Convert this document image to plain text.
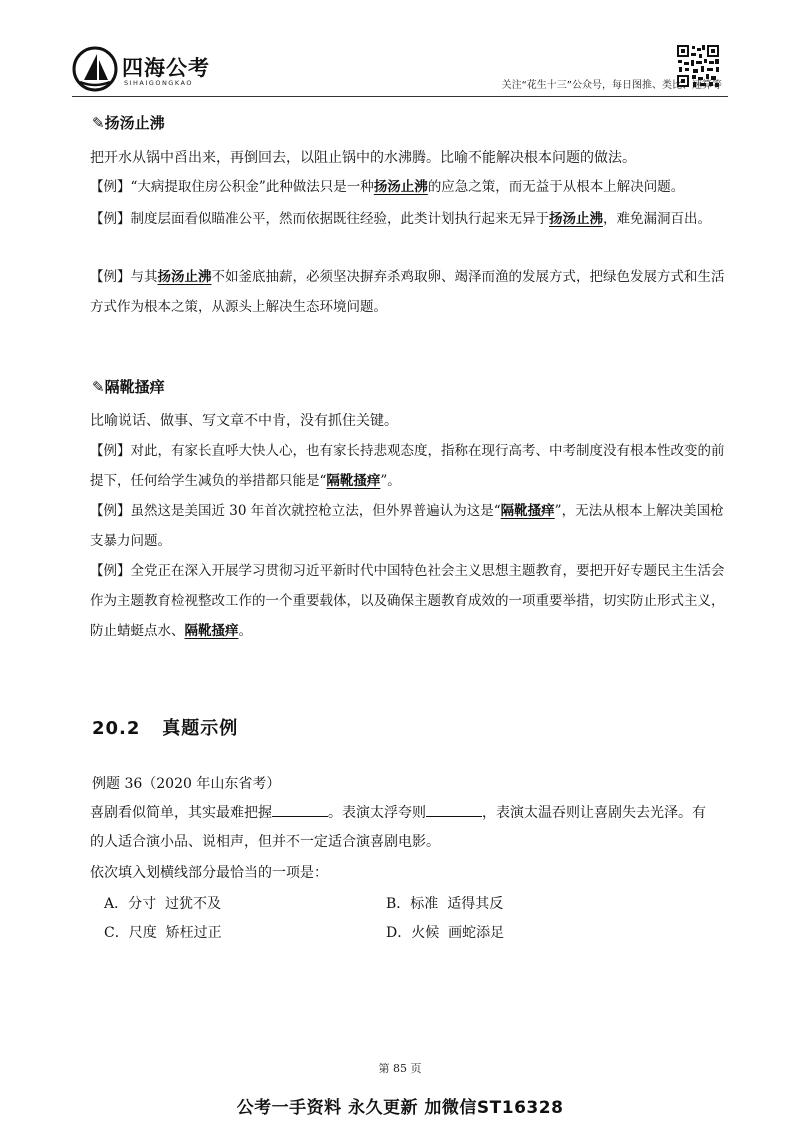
四海公考
SIHAIGONGKAO	关注“花生十三”公众号，每日图推、类比、速算等
✎扬汤止沸
把开水从锅中舀出来，再倒回去，以阻止锅中的水沸腾。比喻不能解决根本问题的做法。
【例】“大病提取住房公积金”此种做法只是一种扬汤止沸的应急之策，而无益于从根本上解决问题。
【例】制度层面看似瞄准公平，然而依据既往经验，此类计划执行起来无异于扬汤止沸，难免漏洞百出。
【例】与其扬汤止沸不如釜底抽薪，必须坚决摒弃杀鸡取卵、竭泽而渔的发展方式，把绿色发展方式和生活方式作为根本之策，从源头上解决生态环境问题。
✎隔靴搔痒
比喻说话、做事、写文章不中肯，没有抓住关键。
【例】对此，有家长直呼大快人心，也有家长持悲观态度，指称在现行高考、中考制度没有根本性改变的前提下，任何给学生减负的举措都只能是“隔靴搔痒”。
【例】虽然这是美国近 30 年首次就控枪立法，但外界普遍认为这是“隔靴搔痒”，无法从根本上解决美国枪支暴力问题。
【例】全党正在深入开展学习贯彻习近平新时代中国特色社会主义思想主题教育，要把开好专题民主生活会作为主题教育检视整改工作的一个重要载体，以及确保主题教育成效的一项重要举措，切实防止形式主义，防止蜻蜓点水、隔靴搔痒。
20.2 真题示例
例题 36（2020 年山东省考）
喜剧看似简单，其实最难把握	。表演太浮夸则	，表演太温吞则让喜剧失去光泽。有
的人适合演小品、说相声，但并不一定适合演喜剧电影。
依次填入划横线部分最恰当的一项是：
A．分寸 过犹不及	B．标准 适得其反
C．尺度 矫枉过正	D．火候 画蛇添足
第 85 页
公考一手资料 永久更新 加微信ST16328
